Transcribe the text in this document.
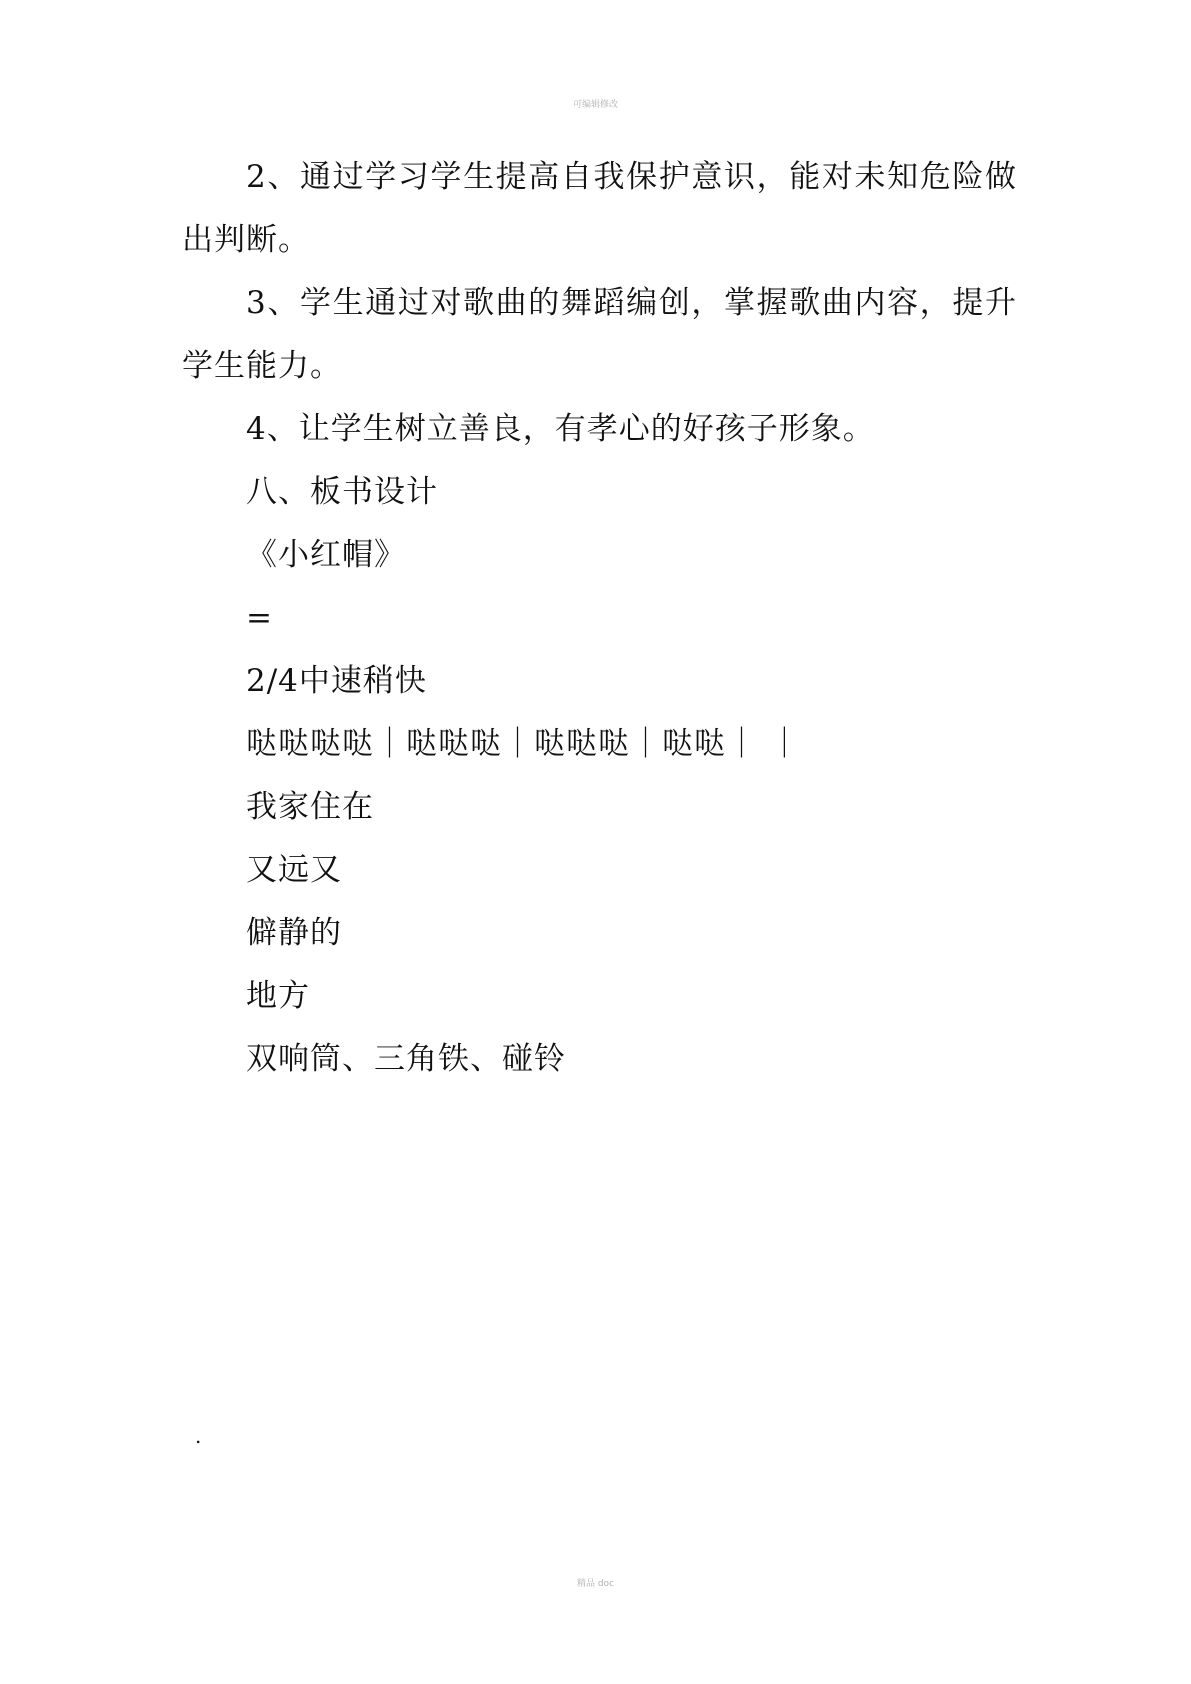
可编辑修改

2、通过学习学生提高自我保护意识，能对未知危险做出判断。

3、学生通过对歌曲的舞蹈编创，掌握歌曲内容，提升学生能力。

4、让学生树立善良，有孝心的好孩子形象。

八、板书设计

《小红帽》

=

2/4中速稍快

哒哒哒哒｜哒哒哒｜哒哒哒｜哒哒｜ ｜

我家住在

又远又

僻静的

地方

双响筒、三角铁、碰铃

.
精品 doc
